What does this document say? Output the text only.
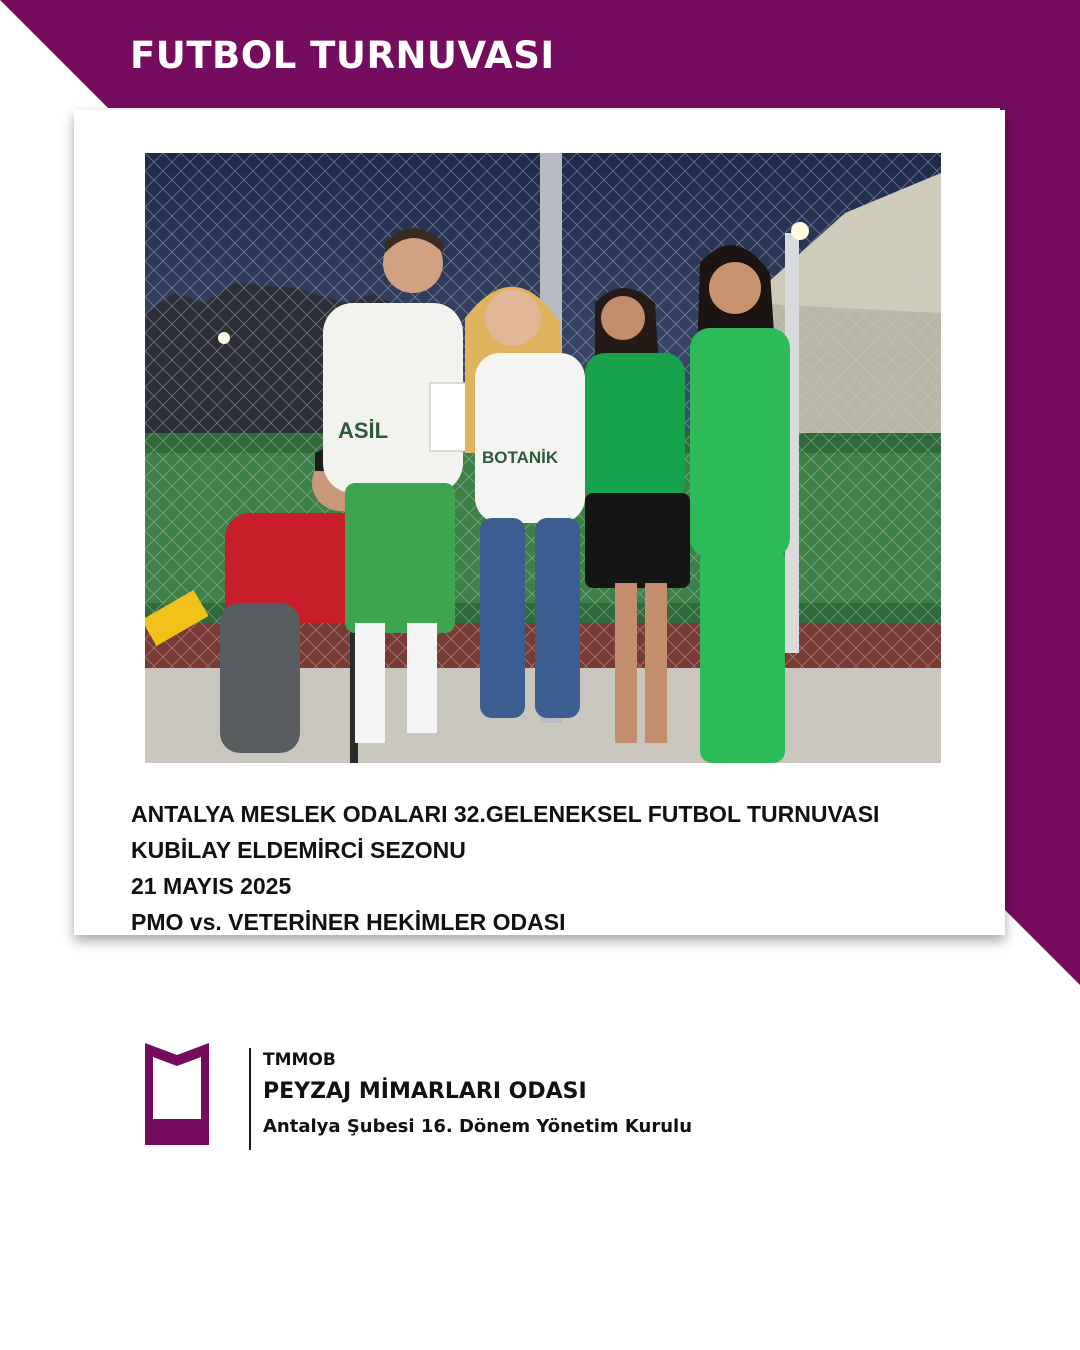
FUTBOL TURNUVASI
ASİL
BOTANİK

ANTALYA MESLEK ODALARI 32.GELENEKSEL FUTBOL TURNUVASI

KUBİLAY ELDEMİRCİ SEZONU

21 MAYIS 2025

PMO vs. VETERİNER HEKİMLER ODASI

TMMOB
PEYZAJ MİMARLARI ODASI
Antalya Şubesi 16. Dönem Yönetim Kurulu
